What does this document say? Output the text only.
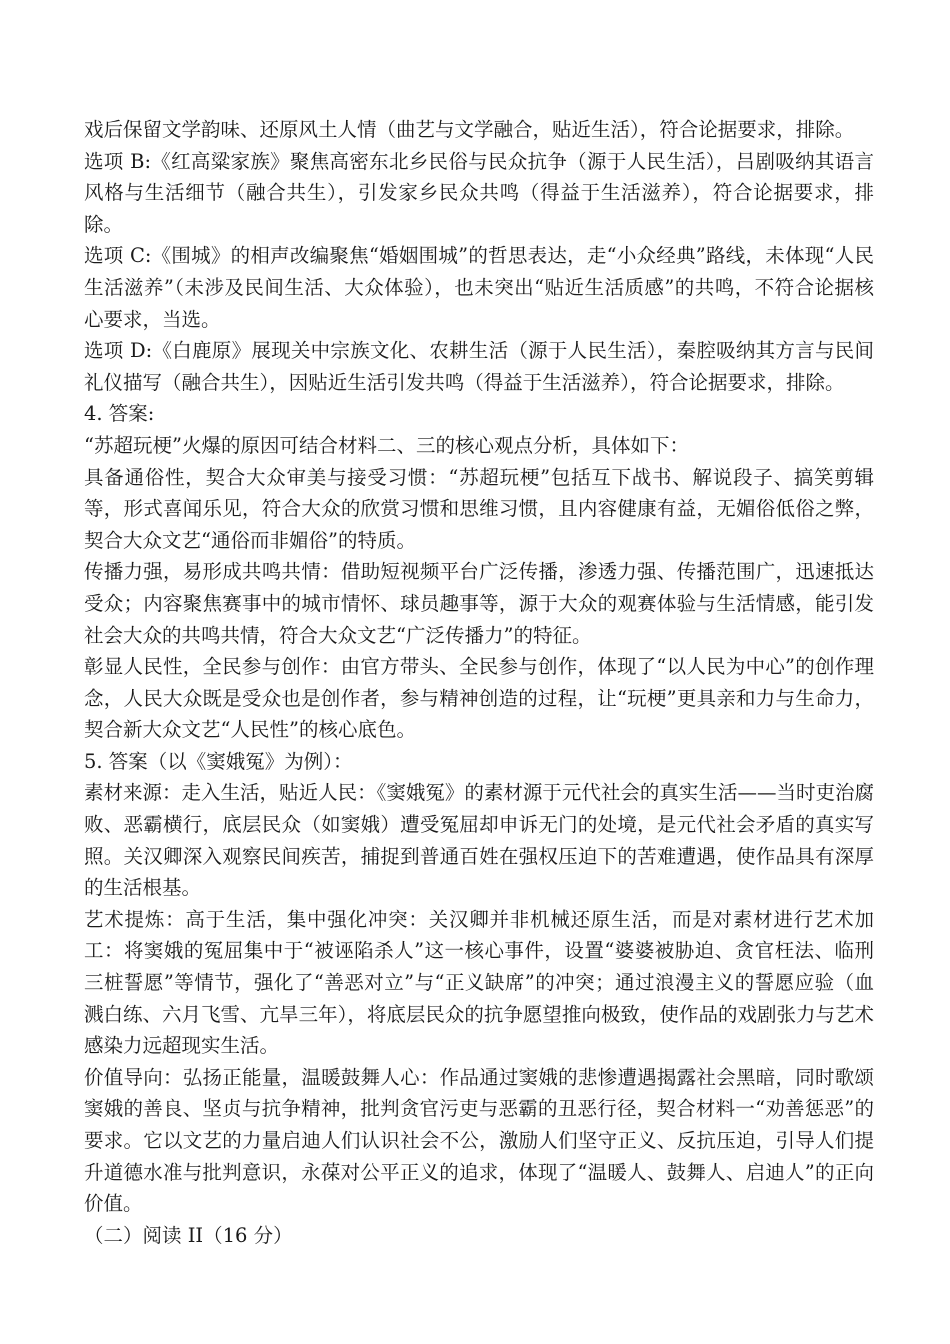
戏后保留文学韵味、还原风土人情（曲艺与文学融合，贴近生活），符合论据要求，排除。

选项 B:《红高粱家族》聚焦高密东北乡民俗与民众抗争（源于人民生活），吕剧吸纳其语言风格与生活细节（融合共生），引发家乡民众共鸣（得益于生活滋养），符合论据要求，排除。

选项 C:《围城》的相声改编聚焦“婚姻围城”的哲思表达，走“小众经典”路线，未体现“人民生活滋养”（未涉及民间生活、大众体验），也未突出“贴近生活质感”的共鸣，不符合论据核心要求，当选。

选项 D:《白鹿原》展现关中宗族文化、农耕生活（源于人民生活），秦腔吸纳其方言与民间礼仪描写（融合共生），因贴近生活引发共鸣（得益于生活滋养），符合论据要求，排除。

4. 答案:

“苏超玩梗”火爆的原因可结合材料二、三的核心观点分析，具体如下：

具备通俗性，契合大众审美与接受习惯：“苏超玩梗”包括互下战书、解说段子、搞笑剪辑等，形式喜闻乐见，符合大众的欣赏习惯和思维习惯，且内容健康有益，无媚俗低俗之弊，契合大众文艺“通俗而非媚俗”的特质。

传播力强，易形成共鸣共情：借助短视频平台广泛传播，渗透力强、传播范围广，迅速抵达受众；内容聚焦赛事中的城市情怀、球员趣事等，源于大众的观赛体验与生活情感，能引发社会大众的共鸣共情，符合大众文艺“广泛传播力”的特征。

彰显人民性，全民参与创作：由官方带头、全民参与创作，体现了“以人民为中心”的创作理念，人民大众既是受众也是创作者，参与精神创造的过程，让“玩梗”更具亲和力与生命力，契合新大众文艺“人民性”的核心底色。

5. 答案（以《窦娥冤》为例）：

素材来源：走入生活，贴近人民：《窦娥冤》的素材源于元代社会的真实生活——当时吏治腐败、恶霸横行，底层民众（如窦娥）遭受冤屈却申诉无门的处境，是元代社会矛盾的真实写照。关汉卿深入观察民间疾苦，捕捉到普通百姓在强权压迫下的苦难遭遇，使作品具有深厚的生活根基。

艺术提炼：高于生活，集中强化冲突：关汉卿并非机械还原生活，而是对素材进行艺术加工：将窦娥的冤屈集中于“被诬陷杀人”这一核心事件，设置“婆婆被胁迫、贪官枉法、临刑三桩誓愿”等情节，强化了“善恶对立”与“正义缺席”的冲突；通过浪漫主义的誓愿应验（血溅白练、六月飞雪、亢旱三年），将底层民众的抗争愿望推向极致，使作品的戏剧张力与艺术感染力远超现实生活。

价值导向：弘扬正能量，温暖鼓舞人心：作品通过窦娥的悲惨遭遇揭露社会黑暗，同时歌颂窦娥的善良、坚贞与抗争精神，批判贪官污吏与恶霸的丑恶行径，契合材料一“劝善惩恶”的要求。它以文艺的力量启迪人们认识社会不公，激励人们坚守正义、反抗压迫，引导人们提升道德水准与批判意识，永葆对公平正义的追求，体现了“温暖人、鼓舞人、启迪人”的正向价值。

（二）阅读 II（16 分）
